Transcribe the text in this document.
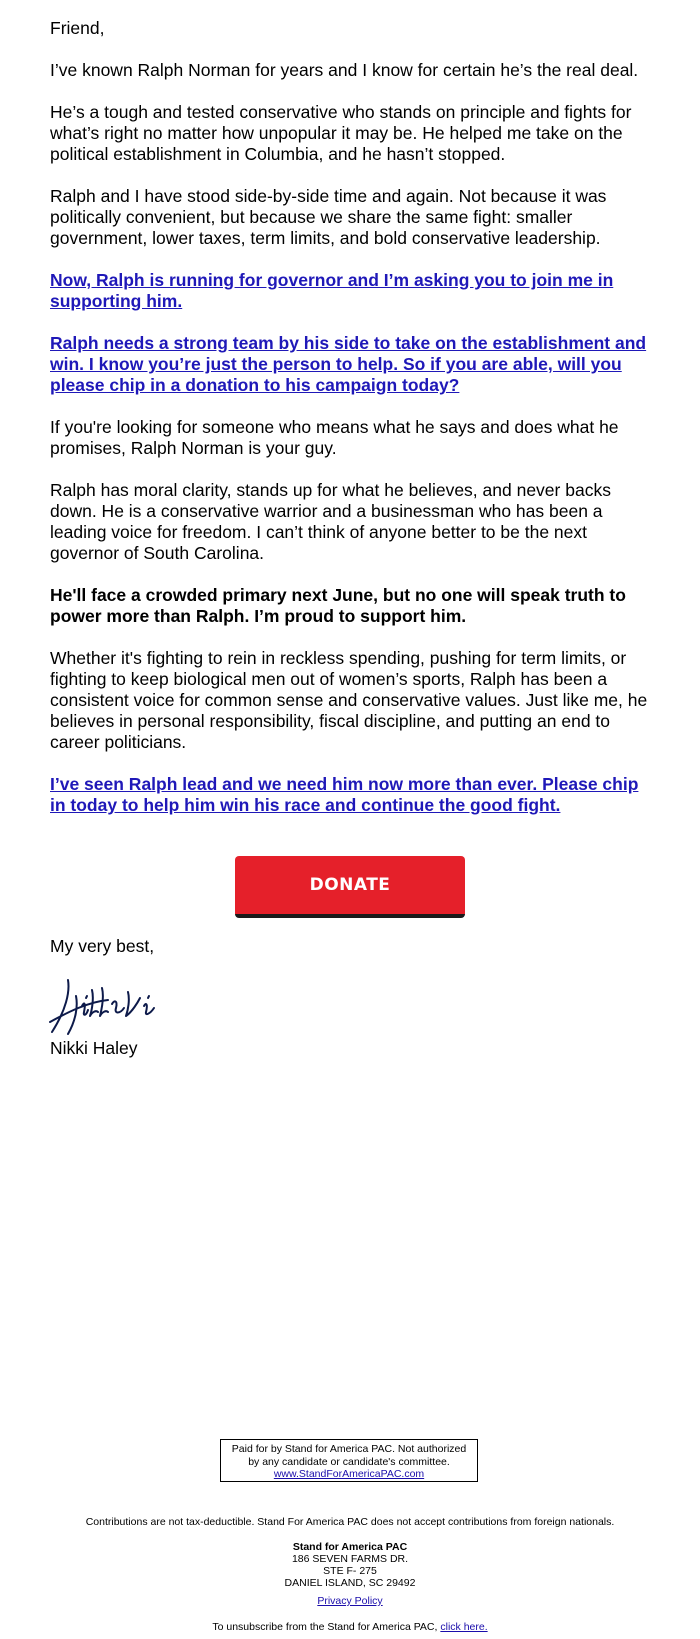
Friend,

I’ve known Ralph Norman for years and I know for certain he’s the real deal.

He’s a tough and tested conservative who stands on principle and fights for what’s right no matter how unpopular it may be. He helped me take on the political establishment in Columbia, and he hasn’t stopped.

Ralph and I have stood side-by-side time and again. Not because it was politically convenient, but because we share the same fight: smaller government, lower taxes, term limits, and bold conservative leadership.

Now, Ralph is running for governor and I’m asking you to join me in supporting him.

Ralph needs a strong team by his side to take on the establishment and win. I know you’re just the person to help. So if you are able, will you please chip in a donation to his campaign today?

If you're looking for someone who means what he says and does what he promises, Ralph Norman is your guy.

Ralph has moral clarity, stands up for what he believes, and never backs down. He is a conservative warrior and a businessman who has been a leading voice for freedom. I can’t think of anyone better to be the next governor of South Carolina.

He'll face a crowded primary next June, but no one will speak truth to power more than Ralph. I’m proud to support him.

Whether it's fighting to rein in reckless spending, pushing for term limits, or fighting to keep biological men out of women’s sports, Ralph has been a consistent voice for common sense and conservative values. Just like me, he believes in personal responsibility, fiscal discipline, and putting an end to career politicians.

I’ve seen Ralph lead and we need him now more than ever. Please chip in today to help him win his race and continue the good fight.

DONATE
My very best,
Nikki Haley
Paid for by Stand for America PAC. Not authorized
by any candidate or candidate's committee.
www.StandForAmericaPAC.com
Contributions are not tax-deductible. Stand For America PAC does not accept contributions from foreign nationals.
Stand for America PAC
186 SEVEN FARMS DR.
STE F- 275
DANIEL ISLAND, SC 29492
Privacy Policy
To unsubscribe from the Stand for America PAC, click here.
